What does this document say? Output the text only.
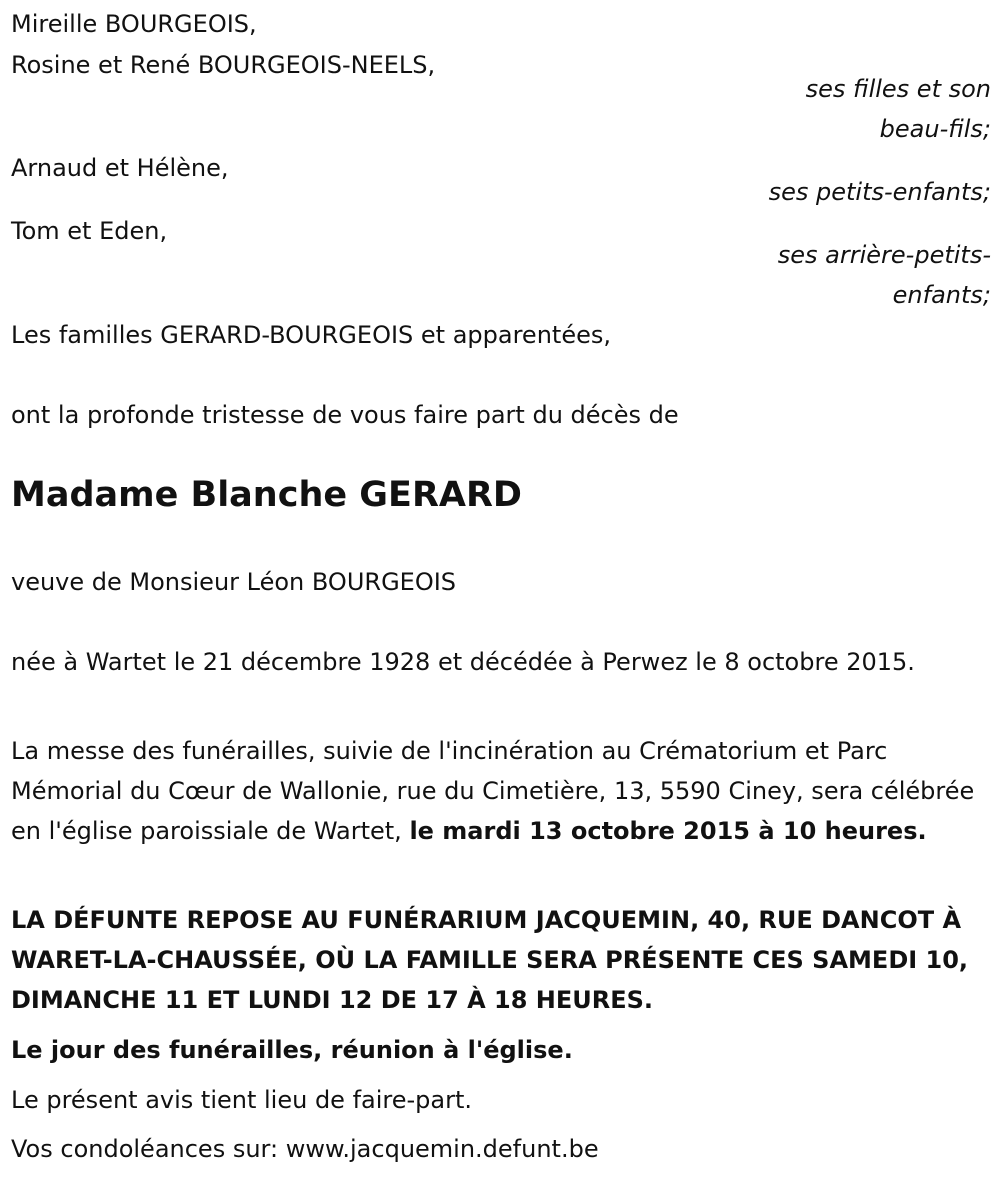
Mireille BOURGEOIS,
Rosine et René BOURGEOIS-NEELS,
ses filles et son
beau-fils;
Arnaud et Hélène,
ses petits-enfants;
Tom et Eden,
ses arrière-petits-
enfants;
Les familles GERARD-BOURGEOIS et apparentées,
ont la profonde tristesse de vous faire part du décès de
Madame Blanche GERARD
veuve de Monsieur Léon BOURGEOIS
née à Wartet le 21 décembre 1928 et décédée à Perwez le 8 octobre 2015.
La messe des funérailles, suivie de l'incinération au Crématorium et Parc Mémorial du Cœur de Wallonie, rue du Cimetière, 13, 5590 Ciney, sera célébrée en l'église paroissiale de Wartet, le mardi 13 octobre 2015 à 10 heures.
LA DÉFUNTE REPOSE AU FUNÉRARIUM JACQUEMIN, 40, RUE DANCOT À WARET-LA-CHAUSSÉE, OÙ LA FAMILLE SERA PRÉSENTE CES SAMEDI 10, DIMANCHE 11 ET LUNDI 12 DE 17 À 18 HEURES.
Le jour des funérailles, réunion à l'église.
Le présent avis tient lieu de faire-part.
Vos condoléances sur: www.jacquemin.defunt.be
